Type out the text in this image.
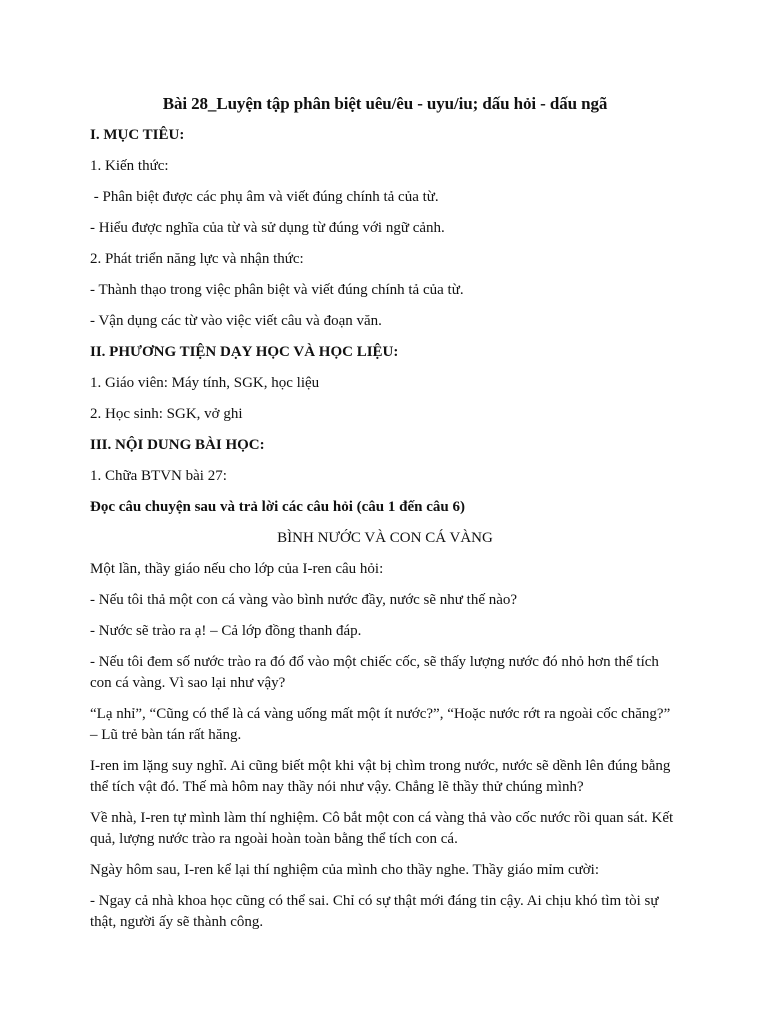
Bài 28_Luyện tập phân biệt uêu/êu - uyu/iu; dấu hỏi - dấu ngã

I. MỤC TIÊU:

1. Kiến thức:

- Phân biệt được các phụ âm và viết đúng chính tả của từ.

- Hiểu được nghĩa của từ và sử dụng từ đúng với ngữ cảnh.

2. Phát triển năng lực và nhận thức:

- Thành thạo trong việc phân biệt và viết đúng chính tả của từ.

- Vận dụng các từ vào việc viết câu và đoạn văn.

II. PHƯƠNG TIỆN DẠY HỌC VÀ HỌC LIỆU:

1. Giáo viên: Máy tính, SGK, học liệu

2. Học sinh: SGK, vở ghi

III. NỘI DUNG BÀI HỌC:

1. Chữa BTVN bài 27:

Đọc câu chuyện sau và trả lời các câu hỏi (câu 1 đến câu 6)

BÌNH NƯỚC VÀ CON CÁ VÀNG

Một lần, thầy giáo nếu cho lớp của I-ren câu hỏi:

- Nếu tôi thả một con cá vàng vào bình nước đầy, nước sẽ như thế nào?

- Nước sẽ trào ra ạ! – Cả lớp đồng thanh đáp.

- Nếu tôi đem số nước trào ra đó đổ vào một chiếc cốc, sẽ thấy lượng nước đó nhỏ hơn thể tích con cá vàng. Vì sao lại như vậy?

“Lạ nhỉ”, “Cũng có thể là cá vàng uống mất một ít nước?”, “Hoặc nước rớt ra ngoài cốc chăng?” – Lũ trẻ bàn tán rất hăng.

I-ren im lặng suy nghĩ. Ai cũng biết một khi vật bị chìm trong nước, nước sẽ dềnh lên đúng bằng thể tích vật đó. Thế mà hôm nay thầy nói như vậy. Chẳng lẽ thầy thử chúng mình?

Về nhà, I-ren tự mình làm thí nghiệm. Cô bắt một con cá vàng thả vào cốc nước rồi quan sát. Kết quả, lượng nước trào ra ngoài hoàn toàn bằng thể tích con cá.

Ngày hôm sau, I-ren kể lại thí nghiệm của mình cho thầy nghe. Thầy giáo mỉm cười:

- Ngay cả nhà khoa học cũng có thể sai. Chỉ có sự thật mới đáng tin cậy. Ai chịu khó tìm tòi sự thật, người ấy sẽ thành công.
